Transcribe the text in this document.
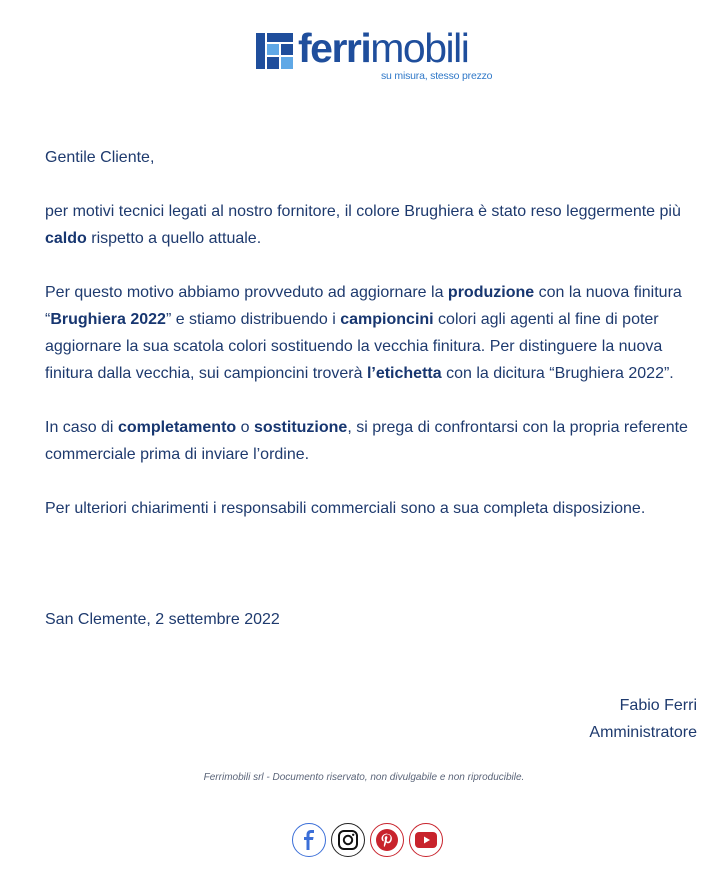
ferrimobili
su misura, stesso prezzo

Gentile Cliente,

per motivi tecnici legati al nostro fornitore, il colore Brughiera è stato reso leggermente più caldo rispetto a quello attuale.

Per questo motivo abbiamo provveduto ad aggiornare la produzione con la nuova finitura “Brughiera 2022” e stiamo distribuendo i campioncini colori agli agenti al fine di poter aggiornare la sua scatola colori sostituendo la vecchia finitura. Per distinguere la nuova finitura dalla vecchia, sui campioncini troverà l’etichetta con la dicitura “Brughiera 2022”.

In caso di completamento o sostituzione, si prega di confrontarsi con la propria referente commerciale prima di inviare l’ordine.

Per ulteriori chiarimenti i responsabili commerciali sono a sua completa disposizione.

San Clemente, 2 settembre 2022
Fabio Ferri
Amministratore
Ferrimobili srl - Documento riservato, non divulgabile e non riproducibile.
